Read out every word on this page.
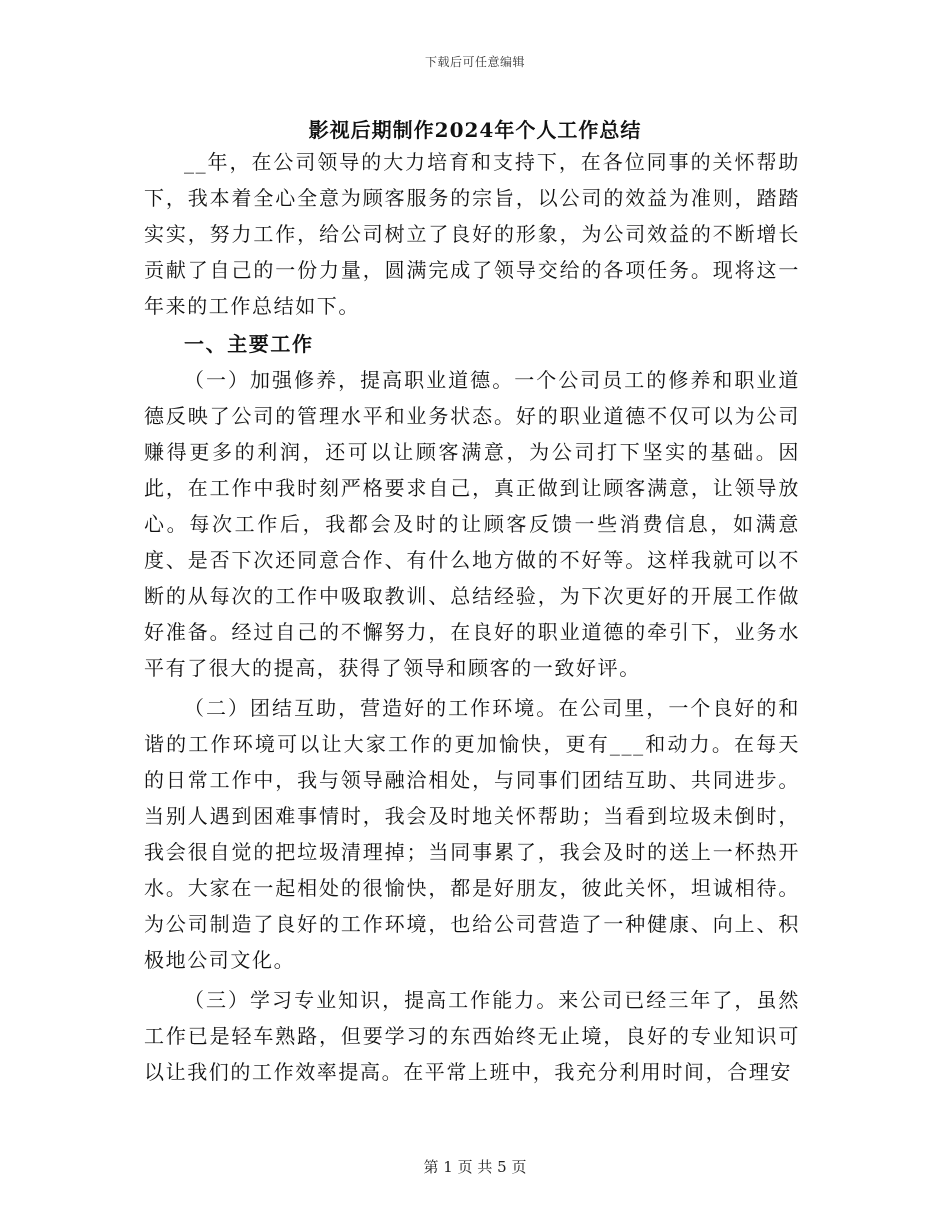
下载后可任意编辑
影视后期制作2024年个人工作总结

__年，在公司领导的大力培育和支持下，在各位同事的关怀帮助下，我本着全心全意为顾客服务的宗旨，以公司的效益为准则，踏踏实实，努力工作，给公司树立了良好的形象，为公司效益的不断增长贡献了自己的一份力量，圆满完成了领导交给的各项任务。现将这一年来的工作总结如下。

一、主要工作

（一）加强修养，提高职业道德。一个公司员工的修养和职业道德反映了公司的管理水平和业务状态。好的职业道德不仅可以为公司赚得更多的利润，还可以让顾客满意，为公司打下坚实的基础。因此，在工作中我时刻严格要求自己，真正做到让顾客满意，让领导放心。每次工作后，我都会及时的让顾客反馈一些消费信息，如满意度、是否下次还同意合作、有什么地方做的不好等。这样我就可以不断的从每次的工作中吸取教训、总结经验，为下次更好的开展工作做好准备。经过自己的不懈努力，在良好的职业道德的牵引下，业务水平有了很大的提高，获得了领导和顾客的一致好评。

（二）团结互助，营造好的工作环境。在公司里，一个良好的和谐的工作环境可以让大家工作的更加愉快，更有___和动力。在每天的日常工作中，我与领导融洽相处，与同事们团结互助、共同进步。当别人遇到困难事情时，我会及时地关怀帮助；当看到垃圾未倒时，我会很自觉的把垃圾清理掉；当同事累了，我会及时的送上一杯热开水。大家在一起相处的很愉快，都是好朋友，彼此关怀，坦诚相待。为公司制造了良好的工作环境，也给公司营造了一种健康、向上、积极地公司文化。

（三）学习专业知识，提高工作能力。来公司已经三年了，虽然工作已是轻车熟路，但要学习的东西始终无止境，良好的专业知识可以让我们的工作效率提高。在平常上班中，我充分利用时间，合理安

第 1 页 共 5 页
